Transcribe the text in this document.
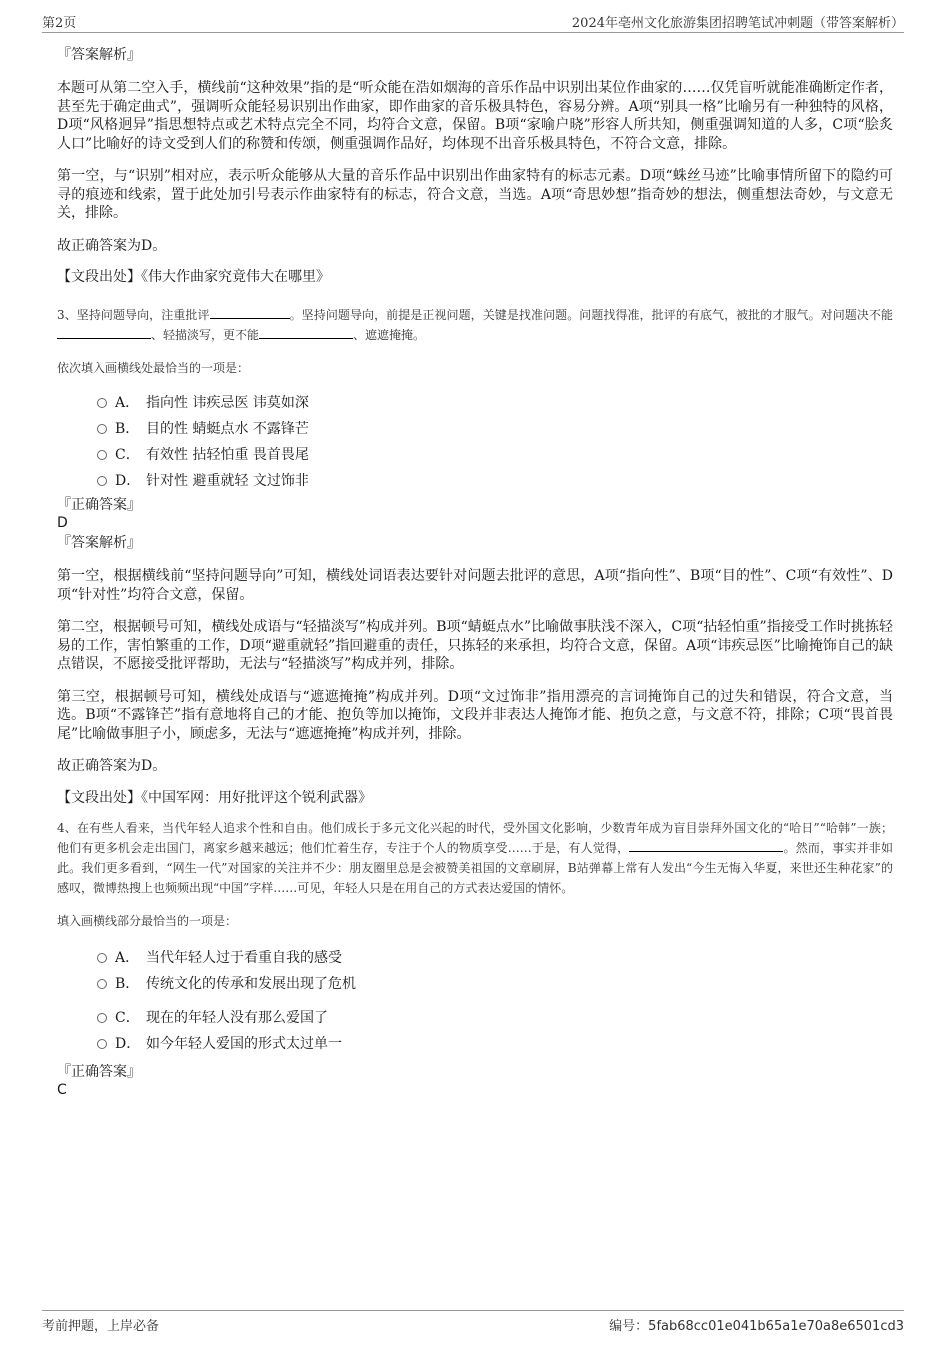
第2页	2024年亳州文化旅游集团招聘笔试冲刺题（带答案解析）

『答案解析』

本题可从第二空入手，横线前“这种效果”指的是“听众能在浩如烟海的音乐作品中识别出某位作曲家的……仅凭盲听就能准确断定作者，甚至先于确定曲式”，强调听众能轻易识别出作曲家，即作曲家的音乐极具特色，容易分辨。A项“别具一格”比喻另有一种独特的风格，D项“风格迥异”指思想特点或艺术特点完全不同，均符合文意，保留。B项“家喻户晓”形容人所共知，侧重强调知道的人多，C项“脍炙人口”比喻好的诗文受到人们的称赞和传颂，侧重强调作品好，均体现不出音乐极具特色，不符合文意，排除。

第一空，与“识别”相对应，表示听众能够从大量的音乐作品中识别出作曲家特有的标志元素。D项“蛛丝马迹”比喻事情所留下的隐约可寻的痕迹和线索，置于此处加引号表示作曲家特有的标志，符合文意，当选。A项“奇思妙想”指奇妙的想法，侧重想法奇妙，与文意无关，排除。

故正确答案为D。

【文段出处】《伟大作曲家究竟伟大在哪里》

3、坚持问题导向，注重批评	。坚持问题导向，前提是正视问题，关键是找准问题。问题找得准，批评的有底气，被批的才服气。对问题决不能、轻描淡写，更不能	、遮遮掩掩。

依次填入画横线处最恰当的一项是：

A． 指向性 讳疾忌医 讳莫如深
B． 目的性 蜻蜓点水 不露锋芒
C． 有效性 拈轻怕重 畏首畏尾
D． 针对性 避重就轻 文过饰非

『正确答案』

D

『答案解析』

第一空，根据横线前“坚持问题导向”可知，横线处词语表达要针对问题去批评的意思，A项“指向性”、B项“目的性”、C项“有效性”、D项“针对性”均符合文意，保留。

第二空，根据顿号可知，横线处成语与“轻描淡写”构成并列。B项“蜻蜓点水”比喻做事肤浅不深入，C项“拈轻怕重”指接受工作时挑拣轻易的工作，害怕繁重的工作，D项“避重就轻”指回避重的责任，只拣轻的来承担，均符合文意，保留。A项“讳疾忌医”比喻掩饰自己的缺点错误，不愿接受批评帮助，无法与“轻描淡写”构成并列，排除。

第三空，根据顿号可知，横线处成语与“遮遮掩掩”构成并列。D项“文过饰非”指用漂亮的言词掩饰自己的过失和错误，符合文意，当选。B项“不露锋芒”指有意地将自己的才能、抱负等加以掩饰，文段并非表达人掩饰才能、抱负之意，与文意不符，排除；C项“畏首畏尾”比喻做事胆子小，顾虑多，无法与“遮遮掩掩”构成并列，排除。

故正确答案为D。

【文段出处】《中国军网：用好批评这个锐利武器》

4、在有些人看来，当代年轻人追求个性和自由。他们成长于多元文化兴起的时代，受外国文化影响，少数青年成为盲目崇拜外国文化的“哈日”“哈韩”一族；他们有更多机会走出国门，离家乡越来越远；他们忙着生存，专注于个人的物质享受……于是，有人觉得，	。然而，事实并非如此。我们更多看到，“网生一代”对国家的关注并不少：朋友圈里总是会被赞美祖国的文章刷屏，B站弹幕上常有人发出“今生无悔入华夏，来世还生种花家”的感叹，微博热搜上也频频出现“中国”字样……可见，年轻人只是在用自己的方式表达爱国的情怀。

填入画横线部分最恰当的一项是：

A． 当代年轻人过于看重自我的感受
B． 传统文化的传承和发展出现了危机
C． 现在的年轻人没有那么爱国了
D． 如今年轻人爱国的形式太过单一

『正确答案』

C

考前押题，上岸必备	编号：5fab68cc01e041b65a1e70a8e6501cd3
